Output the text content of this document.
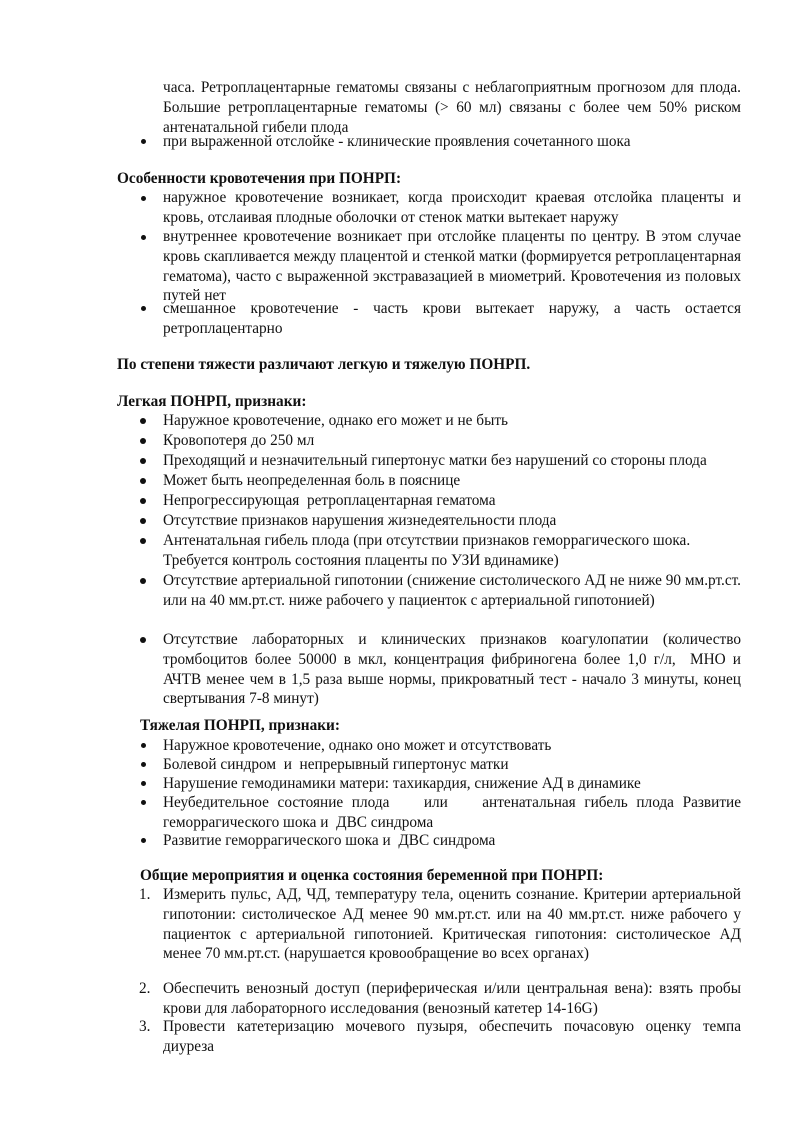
часа. Ретроплацентарные гематомы связаны с неблагоприятным прогнозом для плода. Большие ретроплацентарные гематомы (> 60 мл) связаны с более чем 50% риском антенатальной гибели плода
при выраженной отслойке - клинические проявления сочетанного шока
Особенности кровотечения при ПОНРП:
наружное кровотечение возникает, когда происходит краевая отслойка плаценты и кровь, отслаивая плодные оболочки от стенок матки вытекает наружу
внутреннее кровотечение возникает при отслойке плаценты по центру. В этом случае кровь скапливается между плацентой и стенкой матки (формируется ретроплацентарная гематома), часто с выраженной экстравазацией в миометрий. Кровотечения из половых путей нет
смешанное кровотечение - часть крови вытекает наружу, а часть остается ретроплацентарно
По степени тяжести различают легкую и тяжелую ПОНРП.
Легкая ПОНРП, признаки:
Наружное кровотечение, однако его может и не быть
Кровопотеря до 250 мл
Преходящий и незначительный гипертонус матки без нарушений со стороны плода
Может быть неопределенная боль в пояснице
Непрогрессирующая  ретроплацентарная гематома
Отсутствие признаков нарушения жизнедеятельности плода
Антенатальная гибель плода (при отсутствии признаков геморрагического шока.
Требуется контроль состояния плаценты по УЗИ вдинамике)
Отсутствие артериальной гипотонии (снижение систолического АД не ниже 90 мм.рт.ст. или на 40 мм.рт.ст. ниже рабочего у пациенток с артериальной гипотонией)
Отсутствие лабораторных и клинических признаков коагулопатии (количество тромбоцитов более 50000 в мкл, концентрация фибриногена более 1,0 г/л,  МНО и АЧТВ менее чем в 1,5 раза выше нормы, прикроватный тест - начало 3 минуты, конец свертывания 7-8 минут)
Тяжелая ПОНРП, признаки:
Наружное кровотечение, однако оно может и отсутствовать
Болевой синдром  и  непрерывный гипертонус матки
Нарушение гемодинамики матери: тахикардия, снижение АД в динамике
Неубедительное состояние плода    или    антенатальная гибель плода Развитие геморрагического шока и  ДВС синдрома
Развитие геморрагического шока и  ДВС синдрома
Общие мероприятия и оценка состояния беременной при ПОНРП:
1. Измерить пульс, АД, ЧД, температуру тела, оценить сознание. Критерии артериальной гипотонии: систолическое АД менее 90 мм.рт.ст. или на 40 мм.рт.ст. ниже рабочего у пациенток с артериальной гипотонией. Критическая гипотония: систолическое АД менее 70 мм.рт.ст. (нарушается кровообращение во всех органах)
2. Обеспечить венозный доступ (периферическая и/или центральная вена): взять пробы крови для лабораторного исследования (венозный катетер 14-16G)
3. Провести катетеризацию мочевого пузыря, обеспечить почасовую оценку темпа диуреза
